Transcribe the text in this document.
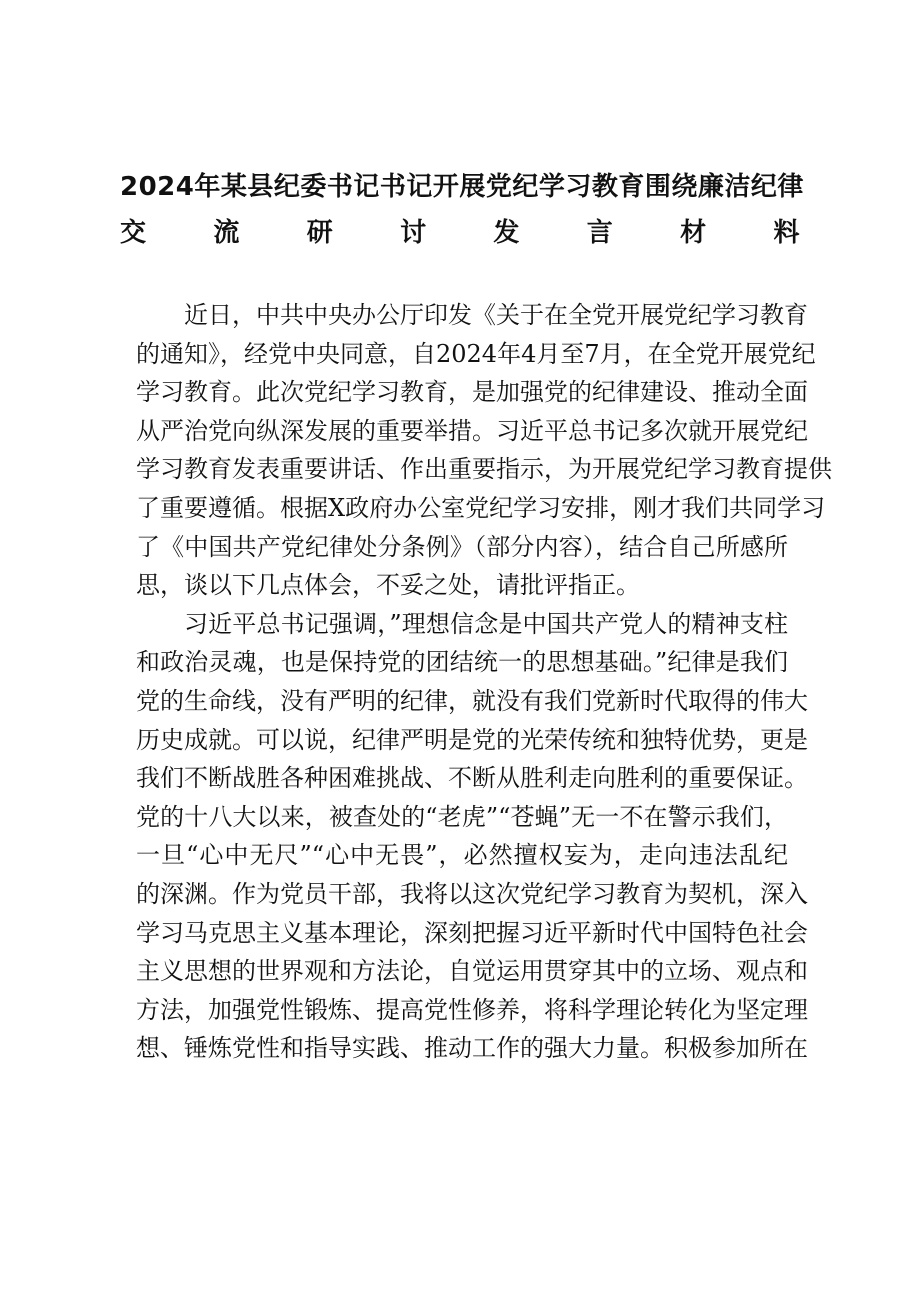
2024年某县纪委书记书记开展党纪学习教育围绕廉洁纪律
交流研讨发言材料
近日，中共中央办公厅印发《关于在全党开展党纪学习教育
的通知》，经党中央同意，自2024年4月至7月，在全党开展党纪
学习教育。此次党纪学习教育，是加强党的纪律建设、推动全面
从严治党向纵深发展的重要举措。习近平总书记多次就开展党纪
学习教育发表重要讲话、作出重要指示，为开展党纪学习教育提供
了重要遵循。根据X政府办公室党纪学习安排，刚才我们共同学习
了《中国共产党纪律处分条例》（部分内容），结合自己所感所
思，谈以下几点体会，不妥之处，请批评指正。
习近平总书记强调，”理想信念是中国共产党人的精神支柱
和政治灵魂，也是保持党的团结统一的思想基础。”纪律是我们
党的生命线，没有严明的纪律，就没有我们党新时代取得的伟大
历史成就。可以说，纪律严明是党的光荣传统和独特优势，更是
我们不断战胜各种困难挑战、不断从胜利走向胜利的重要保证。
党的十八大以来，被查处的“老虎”“苍蝇”无一不在警示我们，
一旦“心中无尺”“心中无畏”，必然擅权妄为，走向违法乱纪
的深渊。作为党员干部，我将以这次党纪学习教育为契机，深入
学习马克思主义基本理论，深刻把握习近平新时代中国特色社会
主义思想的世界观和方法论，自觉运用贯穿其中的立场、观点和
方法，加强党性锻炼、提高党性修养，将科学理论转化为坚定理
想、锤炼党性和指导实践、推动工作的强大力量。积极参加所在
